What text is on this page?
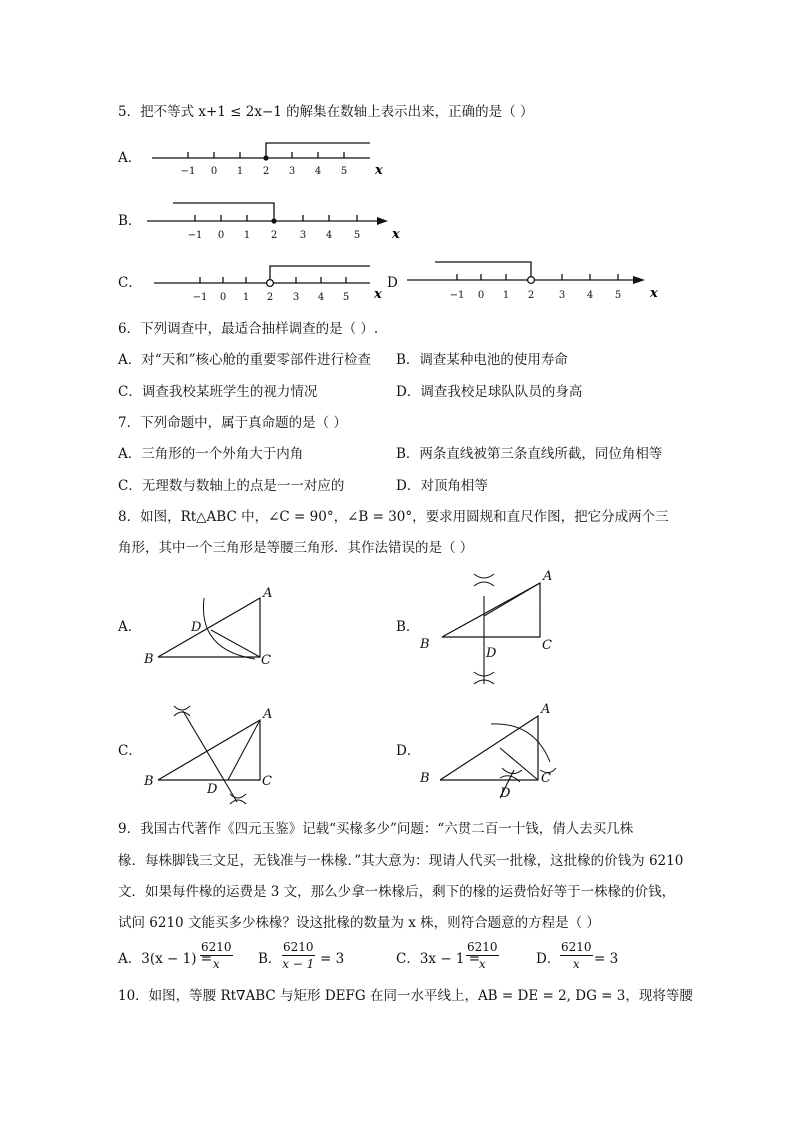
5．把不等式 x+1 ≤ 2x−1 的解集在数轴上表示出来，正确的是（ ）
A．
−1 0 1 2 3 4 5 x
B．
−1 0 1 2 3 4 5 x
C．
−1 0 1 2 3 4 5 x
D
−1 0 1 2 3 4 5 x
6．下列调查中，最适合抽样调查的是（ ）.
A．对“天和”核心舱的重要零部件进行检查 B．调查某种电池的使用寿命
C．调查我校某班学生的视力情况	D．调查我校足球队队员的身高
7．下列命题中，属于真命题的是（ ）
A．三角形的一个外角大于内角	B．两条直线被第三条直线所截，同位角相等
C．无理数与数轴上的点是一一对应的	D．对顶角相等
8．如图，Rt△ABC 中，∠C = 90°，∠B = 30°，要求用圆规和直尺作图，把它分成两个三
角形，其中一个三角形是等腰三角形．其作法错误的是（ ）
A．
A
B	C
D	B．
A
B	C
D
C．
A
B	C
D
D．
A
B	C
D
9．我国古代著作《四元玉鉴》记载“买椽多少”问题：“六贯二百一十钱，倩人去买几株
椽．每株脚钱三文足，无钱准与一株椽．”其大意为：现请人代买一批椽，这批椽的价钱为 6210
文．如果每件椽的运费是 3 文，那么少拿一株椽后，剩下的椽的运费恰好等于一株椽的价钱，
试问 6210 文能买多少株椽？设这批椽的数量为 x 株，则符合题意的方程是（ ）
A．3(x − 1) =
$\frac{6210}{x}$ B． $\frac{6210}{x - 1} = 3$	C．3x − 1 =
$\frac{6210}{x}$	D． $\frac{6210}{x} = 3$
10．如图，等腰 Rt∇ABC 与矩形 DEFG 在同一水平线上，AB = DE = 2, DG = 3，现将等腰
